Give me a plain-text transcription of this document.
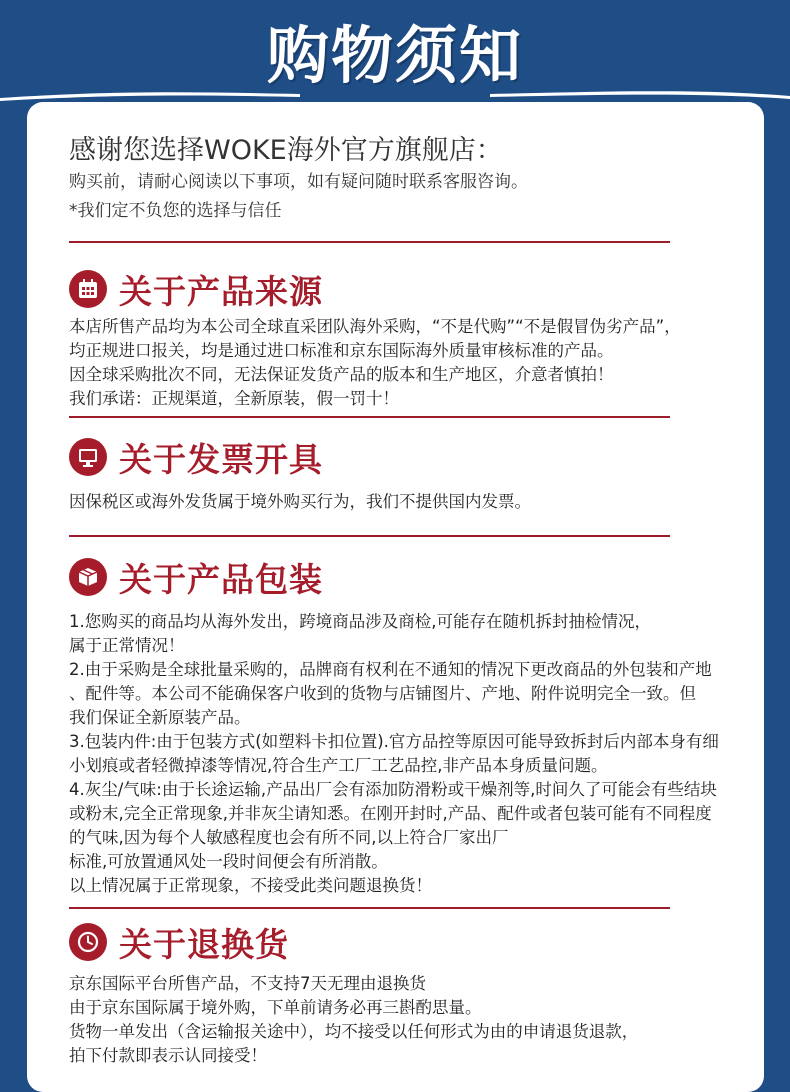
购物须知
感谢您选择WOKE海外官方旗舰店：
购买前，请耐心阅读以下事项，如有疑问随时联系客服咨询。
*我们定不负您的选择与信任
关于产品来源
本店所售产品均为本公司全球直采团队海外采购，“不是代购”“不是假冒伪劣产品”，
均正规进口报关，均是通过进口标准和京东国际海外质量审核标准的产品。
因全球采购批次不同，无法保证发货产品的版本和生产地区，介意者慎拍！
我们承诺：正规渠道，全新原装，假一罚十！
关于发票开具
因保税区或海外发货属于境外购买行为，我们不提供国内发票。
关于产品包装
1.您购买的商品均从海外发出，跨境商品涉及商检,可能存在随机拆封抽检情况，
属于正常情况！
2.由于采购是全球批量采购的，品牌商有权利在不通知的情况下更改商品的外包装和产地
、配件等。本公司不能确保客户收到的货物与店铺图片、产地、附件说明完全一致。但
我们保证全新原装产品。
3.包装内件:由于包装方式(如塑料卡扣位置).官方品控等原因可能导致拆封后内部本身有细
小划痕或者轻微掉漆等情况,符合生产工厂工艺品控,非产品本身质量问题。
4.灰尘/气味:由于长途运输,产品出厂会有添加防滑粉或干燥剂等,时间久了可能会有些结块
或粉末,完全正常现象,并非灰尘请知悉。在刚开封时,产品、配件或者包装可能有不同程度
的气味,因为每个人敏感程度也会有所不同,以上符合厂家出厂
标准,可放置通风处一段时间便会有所消散。
以上情况属于正常现象，不接受此类问题退换货！
关于退换货
京东国际平台所售产品，不支持7天无理由退换货
由于京东国际属于境外购，下单前请务必再三斟酌思量。
货物一单发出（含运输报关途中），均不接受以任何形式为由的申请退货退款，
拍下付款即表示认同接受！
